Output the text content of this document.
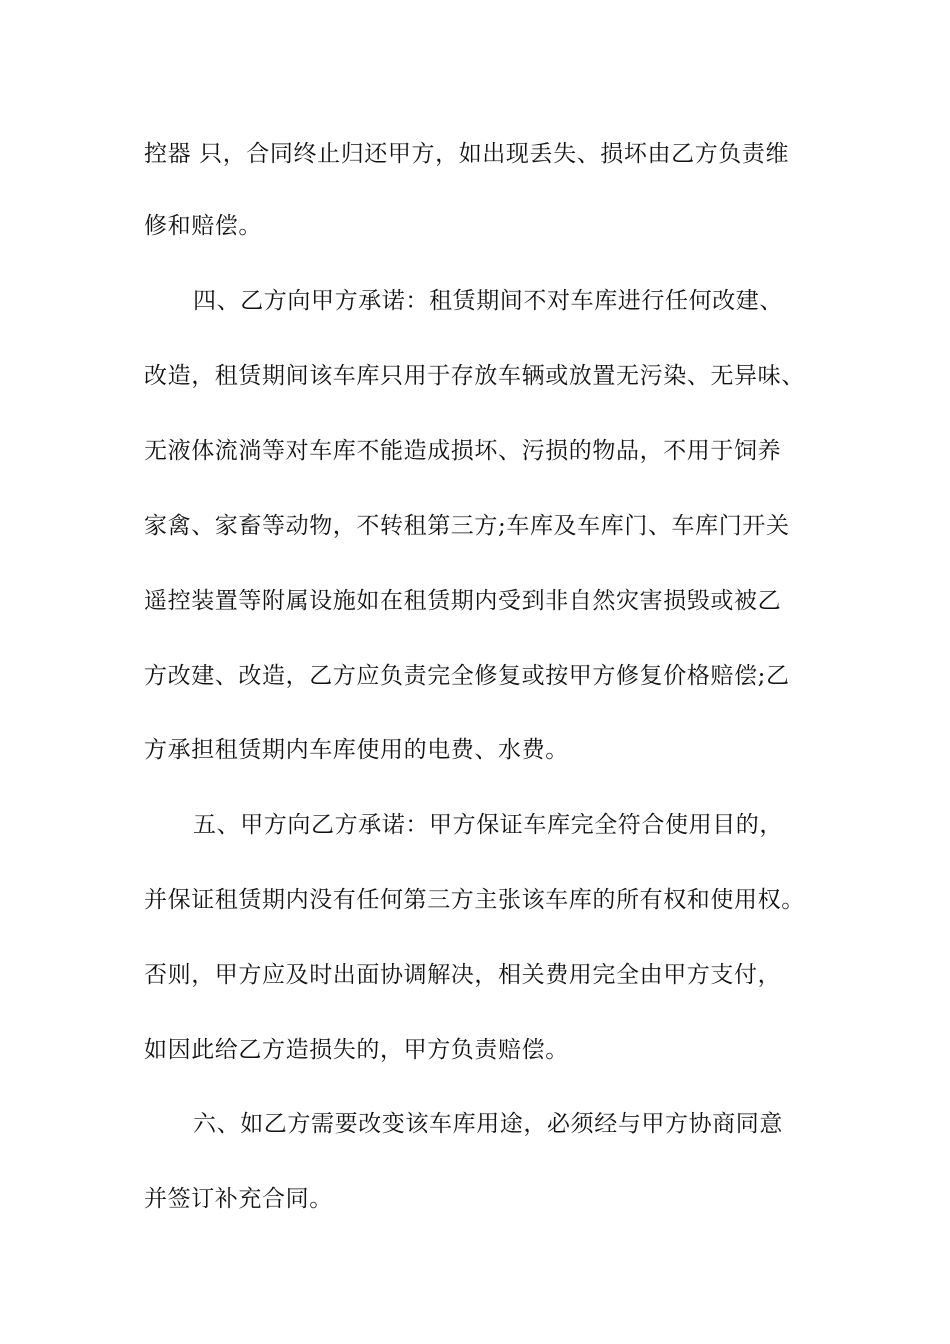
控器 只，合同终止归还甲方，如出现丢失、损坏由乙方负责维

修和赔偿。

四、乙方向甲方承诺：租赁期间不对车库进行任何改建、

改造，租赁期间该车库只用于存放车辆或放置无污染、无异味、

无液体流淌等对车库不能造成损坏、污损的物品，不用于饲养

家禽、家畜等动物，不转租第三方;车库及车库门、车库门开关

遥控装置等附属设施如在租赁期内受到非自然灾害损毁或被乙

方改建、改造，乙方应负责完全修复或按甲方修复价格赔偿;乙

方承担租赁期内车库使用的电费、水费。

五、甲方向乙方承诺：甲方保证车库完全符合使用目的，

并保证租赁期内没有任何第三方主张该车库的所有权和使用权。

否则，甲方应及时出面协调解决，相关费用完全由甲方支付，

如因此给乙方造损失的，甲方负责赔偿。

六、如乙方需要改变该车库用途，必须经与甲方协商同意

并签订补充合同。
